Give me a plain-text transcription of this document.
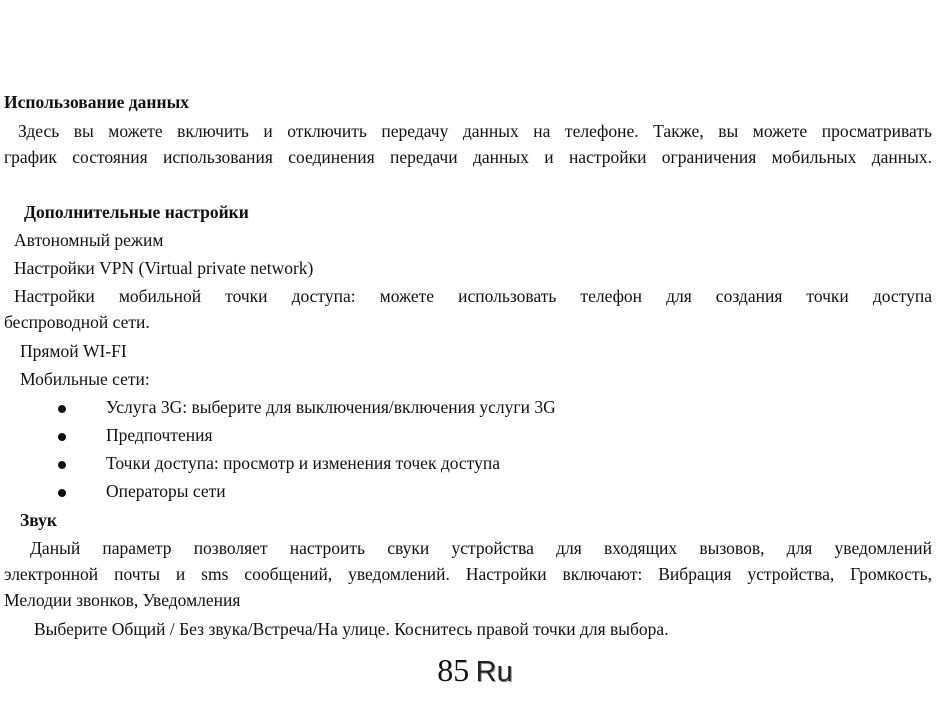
Использование данных
Здесь вы можете включить и отключить передачу данных на телефоне. Также, вы можете просматривать
график состояния использования соединения передачи данных и настройки ограничения мобильных данных.
Дополнительные настройки
Автономный режим
Настройки VPN (Virtual private network)
Настройки мобильной точки доступа: можете использовать телефон для создания точки доступа
беспроводной сети.
Прямой WI-FI
Мобильные сети:
Услуга 3G: выберите для выключения/включения услуги 3G
Предпочтения
Точки доступа: просмотр и изменения точек доступа
Операторы сети
Звук
Даный параметр позволяет настроить свуки устройства для входящих вызовов, для уведомлений
электронной почты и sms сообщений, уведомлений. Настройки включают: Вибрация устройства, Громкость,
Мелодии звонков, Уведомления
Выберите Общий / Без звука/Встреча/На улице. Коснитесь правой точки для выбора.
85 Ru
